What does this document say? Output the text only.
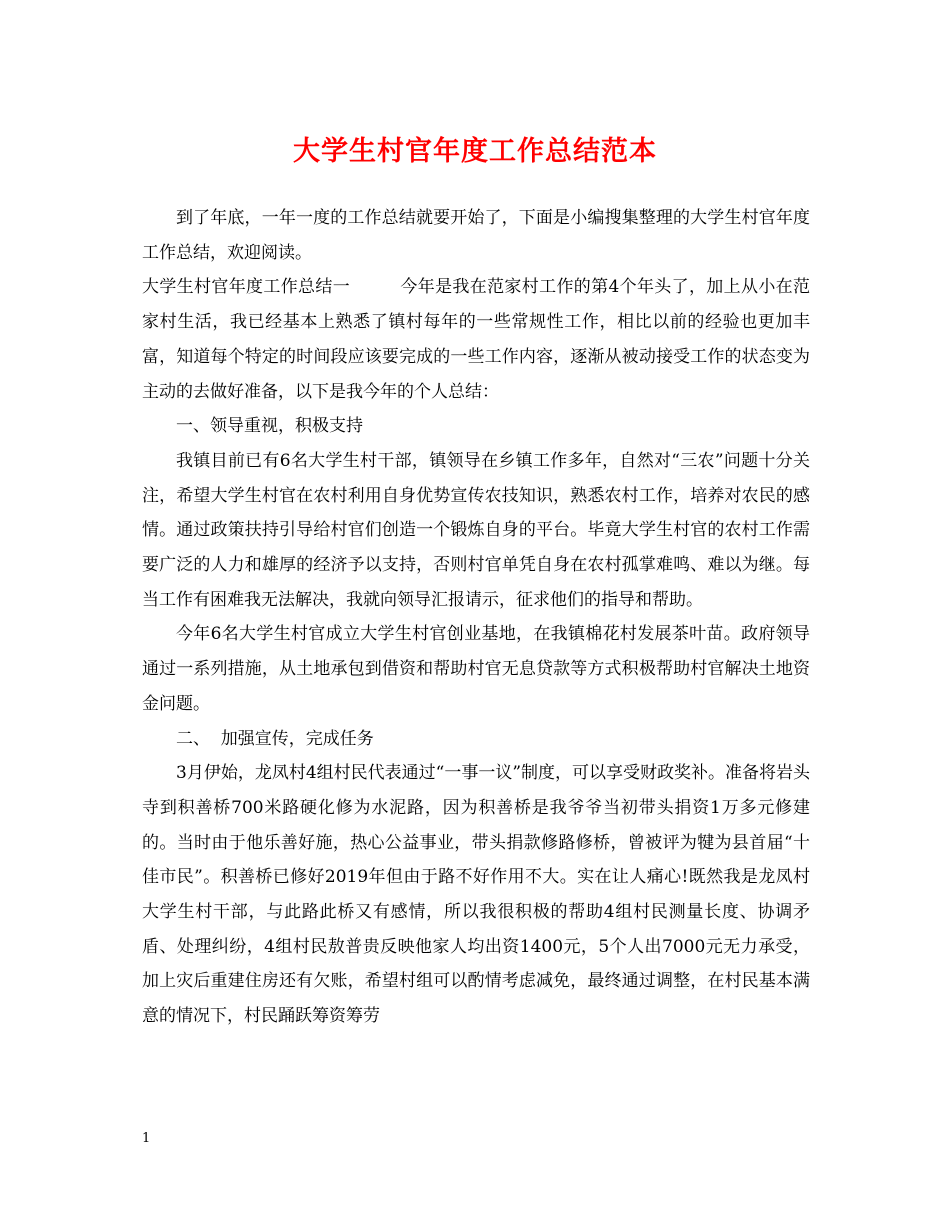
大学生村官年度工作总结范本

到了年底，一年一度的工作总结就要开始了，下面是小编搜集整理的大学生村官年度工作总结，欢迎阅读。

大学生村官年度工作总结一	今年是我在范家村工作的第4个年头了，加上从小在范家村生活，我已经基本上熟悉了镇村每年的一些常规性工作，相比以前的经验也更加丰富，知道每个特定的时间段应该要完成的一些工作内容，逐渐从被动接受工作的状态变为主动的去做好准备，以下是我今年的个人总结：

一、领导重视，积极支持

我镇目前已有6名大学生村干部，镇领导在乡镇工作多年，自然对“三农”问题十分关注，希望大学生村官在农村利用自身优势宣传农技知识，熟悉农村工作，培养对农民的感情。通过政策扶持引导给村官们创造一个锻炼自身的平台。毕竟大学生村官的农村工作需要广泛的人力和雄厚的经济予以支持，否则村官单凭自身在农村孤掌难鸣、难以为继。每当工作有困难我无法解决，我就向领导汇报请示，征求他们的指导和帮助。

今年6名大学生村官成立大学生村官创业基地，在我镇棉花村发展茶叶苗。政府领导通过一系列措施，从土地承包到借资和帮助村官无息贷款等方式积极帮助村官解决土地资金问题。

二、  加强宣传，完成任务

3月伊始，龙凤村4组村民代表通过“一事一议”制度，可以享受财政奖补。准备将岩头寺到积善桥700米路硬化修为水泥路，因为积善桥是我爷爷当初带头捐资1万多元修建的。当时由于他乐善好施，热心公益事业，带头捐款修路修桥，曾被评为犍为县首届“十佳市民”。积善桥已修好2019年但由于路不好作用不大。实在让人痛心!既然我是龙凤村大学生村干部，与此路此桥又有感情，所以我很积极的帮助4组村民测量长度、协调矛盾、处理纠纷，4组村民敖普贵反映他家人均出资1400元，5个人出7000元无力承受，加上灾后重建住房还有欠账，希望村组可以酌情考虑减免，最终通过调整，在村民基本满意的情况下，村民踊跃筹资筹劳

1
